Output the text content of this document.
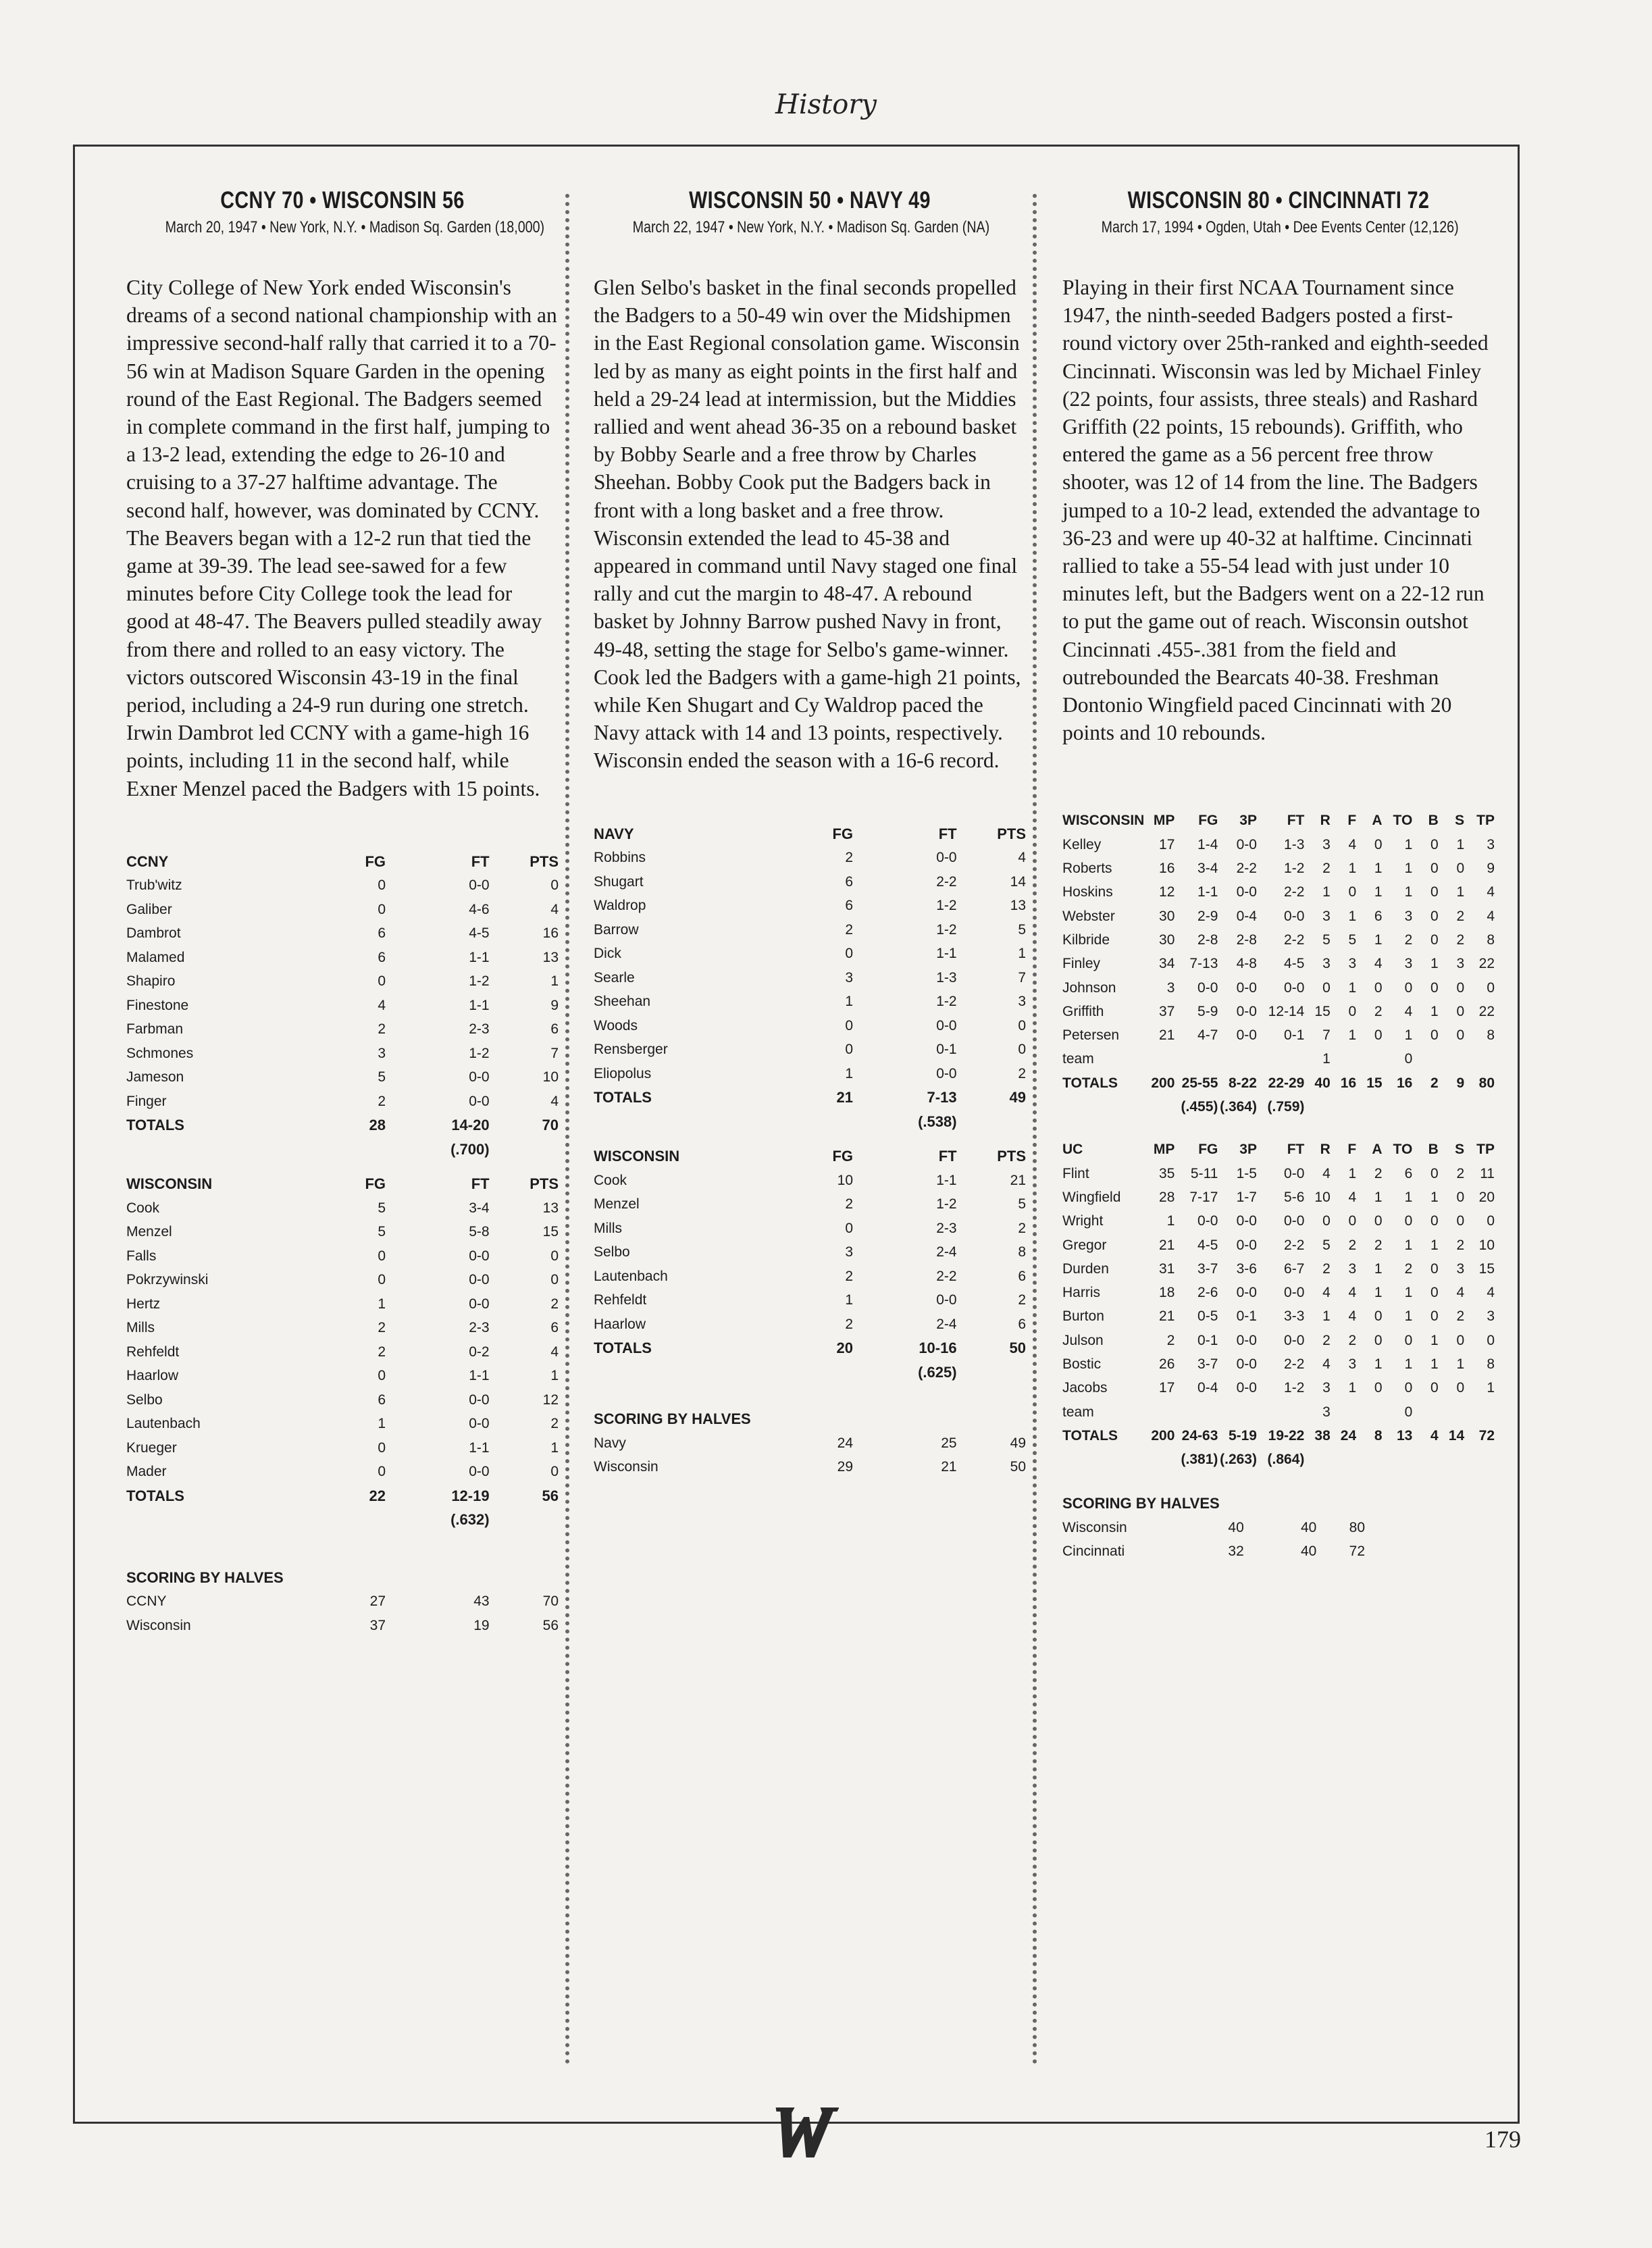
History
CCNY 70 • WISCONSIN 56
March 20, 1947 • New York, N.Y. • Madison Sq. Garden (18,000)
City College of New York ended Wisconsin's dreams of a second national championship with an impressive second-half rally that carried it to a 70-56 win at Madison Square Garden in the opening round of the East Regional. The Badgers seemed in complete command in the first half, jumping to a 13-2 lead, extending the edge to 26-10 and cruising to a 37-27 halftime advantage. The second half, however, was dominated by CCNY. The Beavers began with a 12-2 run that tied the game at 39-39. The lead see-sawed for a few minutes before City College took the lead for good at 48-47. The Beavers pulled steadily away from there and rolled to an easy victory. The victors outscored Wisconsin 43-19 in the final period, including a 24-9 run during one stretch. Irwin Dambrot led CCNY with a game-high 16 points, including 11 in the second half, while Exner Menzel paced the Badgers with 15 points.
CCNY	FG	FT	PTS
Trub'witz	0	0-0	0
Galiber	0	4-6	4
Dambrot	6	4-5	16
Malamed	6	1-1	13
Shapiro	0	1-2	1
Finestone	4	1-1	9
Farbman	2	2-3	6
Schmones	3	1-2	7
Jameson	5	0-0	10
Finger	2	0-0	4
TOTALS	28	14-20	70
		(.700)	
WISCONSIN	FG	FT	PTS
Cook	5	3-4	13
Menzel	5	5-8	15
Falls	0	0-0	0
Pokrzywinski	0	0-0	0
Hertz	1	0-0	2
Mills	2	2-3	6
Rehfeldt	2	0-2	4
Haarlow	0	1-1	1
Selbo	6	0-0	12
Lautenbach	1	0-0	2
Krueger	0	1-1	1
Mader	0	0-0	0
TOTALS	22	12-19	56
		(.632)	
SCORING BY HALVES			
CCNY	27	43	70
Wisconsin	37	19	56
WISCONSIN 50 • NAVY 49
March 22, 1947 • New York, N.Y. • Madison Sq. Garden (NA)
Glen Selbo's basket in the final seconds propelled the Badgers to a 50-49 win over the Midshipmen in the East Regional consolation game. Wisconsin led by as many as eight points in the first half and held a 29-24 lead at intermission, but the Middies rallied and went ahead 36-35 on a rebound basket by Bobby Searle and a free throw by Charles Sheehan. Bobby Cook put the Badgers back in front with a long basket and a free throw. Wisconsin extended the lead to 45-38 and appeared in command until Navy staged one final rally and cut the margin to 48-47. A rebound basket by Johnny Barrow pushed Navy in front, 49-48, setting the stage for Selbo's game-winner. Cook led the Badgers with a game-high 21 points, while Ken Shugart and Cy Waldrop paced the Navy attack with 14 and 13 points, respectively. Wisconsin ended the season with a 16-6 record.
NAVY	FG	FT	PTS
Robbins	2	0-0	4
Shugart	6	2-2	14
Waldrop	6	1-2	13
Barrow	2	1-2	5
Dick	0	1-1	1
Searle	3	1-3	7
Sheehan	1	1-2	3
Woods	0	0-0	0
Rensberger	0	0-1	0
Eliopolus	1	0-0	2
TOTALS	21	7-13	49
		(.538)	
WISCONSIN	FG	FT	PTS
Cook	10	1-1	21
Menzel	2	1-2	5
Mills	0	2-3	2
Selbo	3	2-4	8
Lautenbach	2	2-2	6
Rehfeldt	1	0-0	2
Haarlow	2	2-4	6
TOTALS	20	10-16	50
		(.625)	
SCORING BY HALVES			
Navy	24	25	49
Wisconsin	29	21	50
WISCONSIN 80 • CINCINNATI 72
March 17, 1994 • Ogden, Utah • Dee Events Center (12,126)
Playing in their first NCAA Tournament since 1947, the ninth-seeded Badgers posted a first-round victory over 25th-ranked and eighth-seeded Cincinnati. Wisconsin was led by Michael Finley (22 points, four assists, three steals) and Rashard Griffith (22 points, 15 rebounds). Griffith, who entered the game as a 56 percent free throw shooter, was 12 of 14 from the line. The Badgers jumped to a 10-2 lead, extended the advantage to 36-23 and were up 40-32 at halftime. Cincinnati rallied to take a 55-54 lead with just under 10 minutes left, but the Badgers went on a 22-12 run to put the game out of reach. Wisconsin outshot Cincinnati .455-.381 from the field and outrebounded the Bearcats 40-38. Freshman Dontonio Wingfield paced Cincinnati with 20 points and 10 rebounds.
WISCONSIN	MP	FG	3P	FT	R	F	A	TO	B	S	TP
Kelley	17	1-4	0-0	1-3	3	4	0	1	0	1	3
Roberts	16	3-4	2-2	1-2	2	1	1	1	0	0	9
Hoskins	12	1-1	0-0	2-2	1	0	1	1	0	1	4
Webster	30	2-9	0-4	0-0	3	1	6	3	0	2	4
Kilbride	30	2-8	2-8	2-2	5	5	1	2	0	2	8
Finley	34	7-13	4-8	4-5	3	3	4	3	1	3	22
Johnson	3	0-0	0-0	0-0	0	1	0	0	0	0	0
Griffith	37	5-9	0-0	12-14	15	0	2	4	1	0	22
Petersen	21	4-7	0-0	0-1	7	1	0	1	0	0	8
team					1			0			
TOTALS	200	25-55	8-22	22-29	40	16	15	16	2	9	80
		(.455)	(.364)	(.759)							
UC	MP	FG	3P	FT	R	F	A	TO	B	S	TP
Flint	35	5-11	1-5	0-0	4	1	2	6	0	2	11
Wingfield	28	7-17	1-7	5-6	10	4	1	1	1	0	20
Wright	1	0-0	0-0	0-0	0	0	0	0	0	0	0
Gregor	21	4-5	0-0	2-2	5	2	2	1	1	2	10
Durden	31	3-7	3-6	6-7	2	3	1	2	0	3	15
Harris	18	2-6	0-0	0-0	4	4	1	1	0	4	4
Burton	21	0-5	0-1	3-3	1	4	0	1	0	2	3
Julson	2	0-1	0-0	0-0	2	2	0	0	1	0	0
Bostic	26	3-7	0-0	2-2	4	3	1	1	1	1	8
Jacobs	17	0-4	0-0	1-2	3	1	0	0	0	0	1
team					3			0			
TOTALS	200	24-63	5-19	19-22	38	24	8	13	4	14	72
		(.381)	(.263)	(.864)							
SCORING BY HALVES			
Wisconsin	40	40	80
Cincinnati	32	40	72
179
